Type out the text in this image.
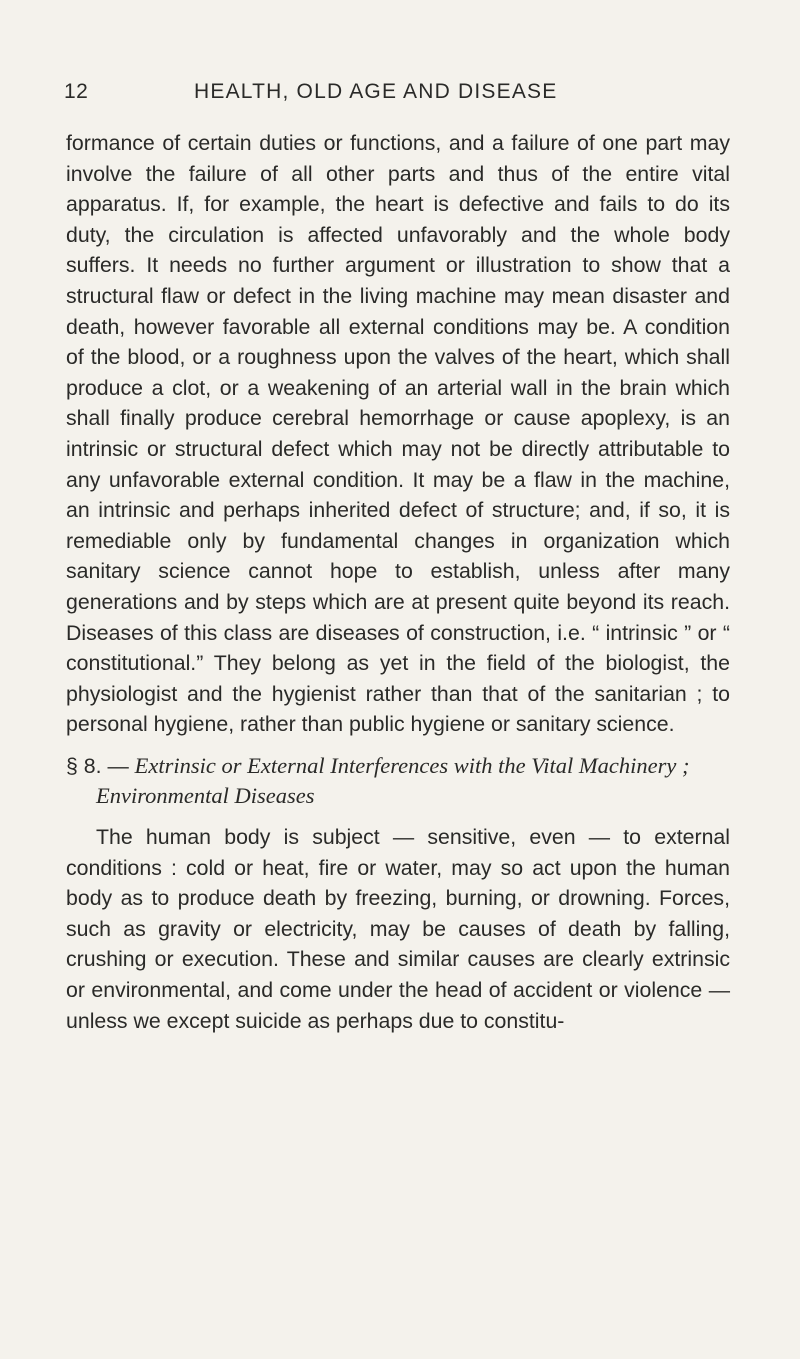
12	HEALTH, OLD AGE AND DISEASE

formance of certain duties or functions, and a failure of one part may involve the failure of all other parts and thus of the entire vital apparatus. If, for example, the heart is defective and fails to do its duty, the circulation is affected unfavorably and the whole body suffers. It needs no further argument or illustration to show that a structural flaw or defect in the living machine may mean disaster and death, however favorable all external conditions may be. A condition of the blood, or a roughness upon the valves of the heart, which shall produce a clot, or a weakening of an arterial wall in the brain which shall finally produce cerebral hemorrhage or cause apoplexy, is an intrinsic or structural defect which may not be directly attributable to any unfavorable external condition. It may be a flaw in the machine, an intrinsic and perhaps inherited defect of structure; and, if so, it is remediable only by fundamental changes in organization which sanitary science cannot hope to establish, unless after many generations and by steps which are at present quite beyond its reach. Diseases of this class are diseases of construction, i.e. “ intrinsic ” or “ constitutional.” They belong as yet in the field of the biologist, the physiologist and the hygienist rather than that of the sanitarian ; to personal hygiene, rather than public hygiene or sanitary science.

§ 8. — Extrinsic or External Interferences with the Vital Machinery ; Environmental Diseases

The human body is subject — sensitive, even — to external conditions : cold or heat, fire or water, may so act upon the human body as to produce death by freezing, burning, or drowning. Forces, such as gravity or electricity, may be causes of death by falling, crushing or execution. These and similar causes are clearly extrinsic or environmental, and come under the head of accident or violence — unless we except suicide as perhaps due to constitu-
